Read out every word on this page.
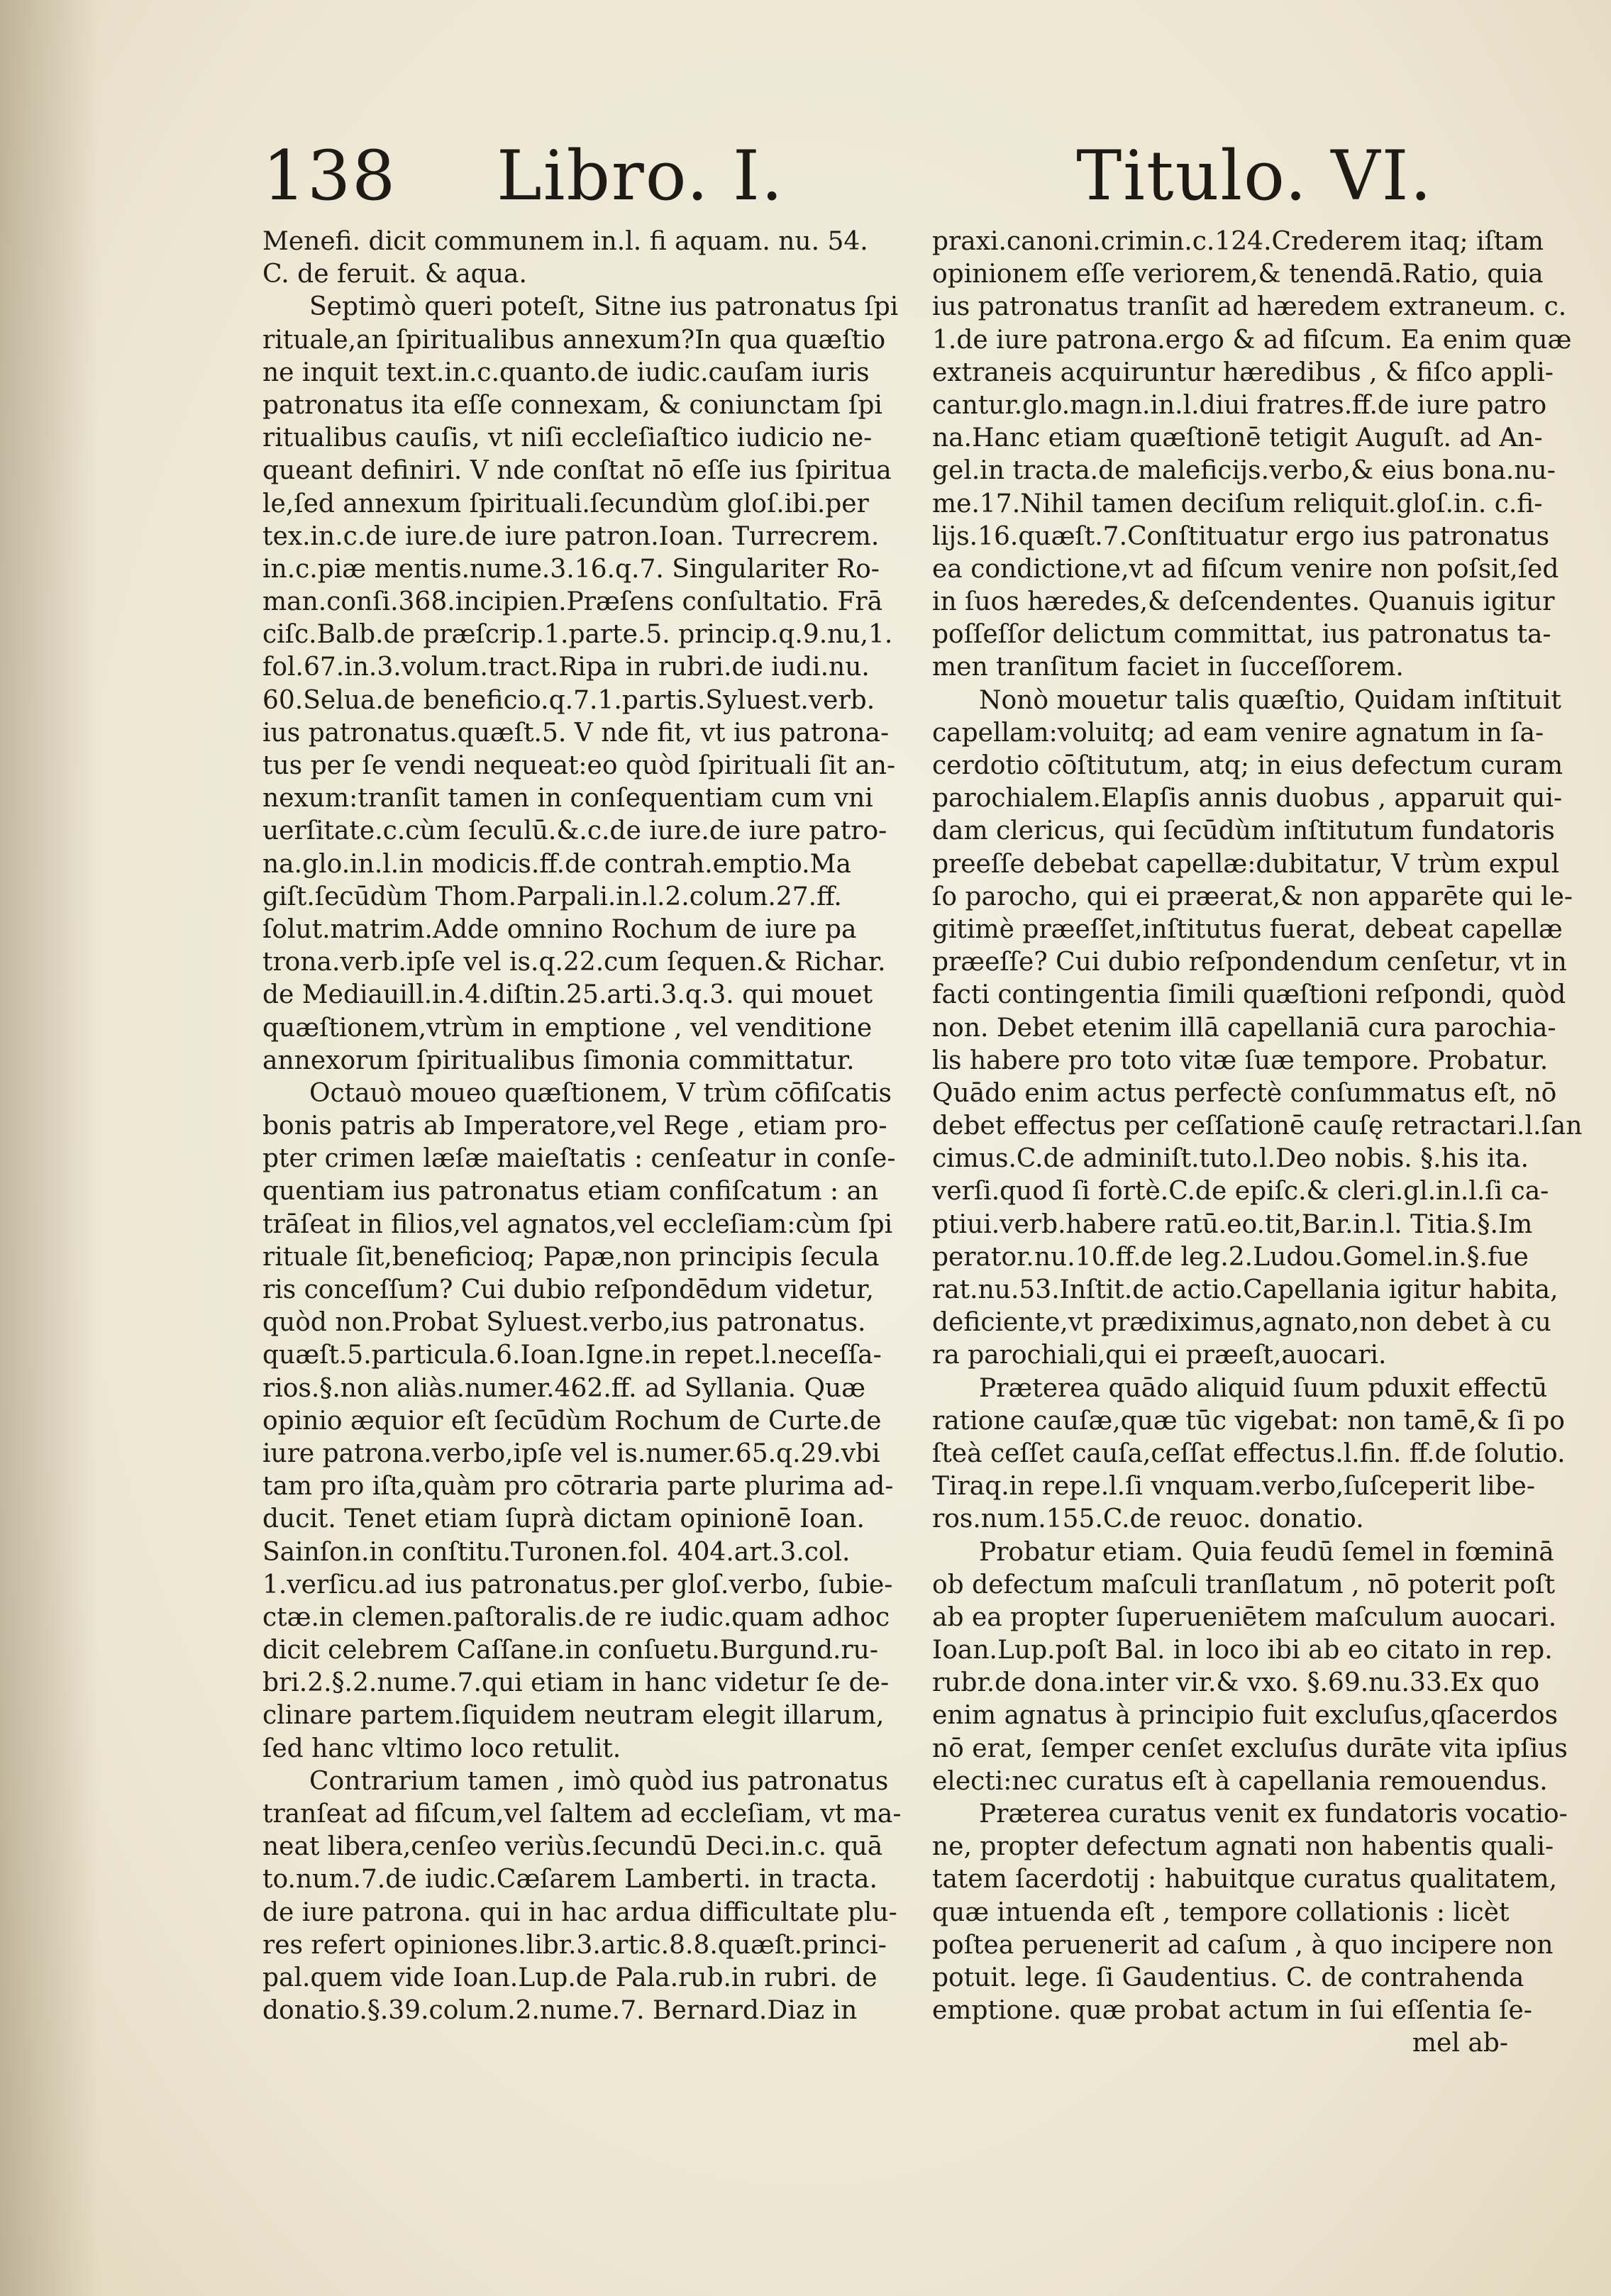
138 Libro. I.	Titulo. VI.
Menefi. dicit communem in.l. fi aquam. nu. 54.
C. de feruit. & aqua.
Septimò queri poteſt, Sitne ius patronatus ſpi
rituale,an ſpiritualibus annexum?In qua quæſtio
ne inquit text.in.c.quanto.de iudic.cauſam iuris
patronatus ita eſſe connexam, & coniunctam ſpi
ritualibus cauſis, vt niſi eccleſiaſtico iudicio ne-
queant definiri. V nde conſtat nō eſſe ius ſpiritua
le,ſed annexum ſpirituali.ſecundùm gloſ.ibi.per
tex.in.c.de iure.de iure patron.Ioan. Turrecrem.
in.c.piæ mentis.nume.3.16.q.7. Singulariter Ro-
man.conſi.368.incipien.Præſens conſultatio. Frā
ciſc.Balb.de præſcrip.1.parte.5. princip.q.9.nu,1.
fol.67.in.3.volum.tract.Ripa in rubri.de iudi.nu.
60.Selua.de beneficio.q.7.1.partis.Syluest.verb.
ius patronatus.quæſt.5. V nde fit, vt ius patrona-
tus per ſe vendi nequeat:eo quòd ſpirituali ſit an-
nexum:tranſit tamen in conſequentiam cum vni
uerſitate.c.cùm ſeculū.&.c.de iure.de iure patro-
na.glo.in.l.in modicis.ff.de contrah.emptio.Ma
giſt.ſecūdùm Thom.Parpali.in.l.2.colum.27.ff.
ſolut.matrim.Adde omnino Rochum de iure pa
trona.verb.ipſe vel is.q.22.cum ſequen.& Richar.
de Mediauill.in.4.diſtin.25.arti.3.q.3. qui mouet
quæſtionem,vtrùm in emptione , vel venditione
annexorum ſpiritualibus ſimonia committatur.
Octauò moueo quæſtionem, V trùm cōfiſcatis
bonis patris ab Imperatore,vel Rege , etiam pro-
pter crimen læſæ maieſtatis : cenſeatur in conſe-
quentiam ius patronatus etiam confiſcatum : an
trāſeat in filios,vel agnatos,vel eccleſiam:cùm ſpi
rituale ſit,beneficioq; Papæ,non principis ſecula
ris conceſſum? Cui dubio reſpondēdum videtur,
quòd non.Probat Syluest.verbo,ius patronatus.
quæſt.5.particula.6.Ioan.Igne.in repet.l.neceſſa-
rios.§.non aliàs.numer.462.ff. ad Syllania. Quæ
opinio æquior eſt ſecūdùm Rochum de Curte.de
iure patrona.verbo,ipſe vel is.numer.65.q.29.vbi
tam pro iſta,quàm pro cōtraria parte plurima ad-
ducit. Tenet etiam ſuprà dictam opinionē Ioan.
Sainſon.in conſtitu.Turonen.fol. 404.art.3.col.
1.verſicu.ad ius patronatus.per gloſ.verbo, ſubie-
ctæ.in clemen.paſtoralis.de re iudic.quam adhoc
dicit celebrem Caſſane.in conſuetu.Burgund.ru-
bri.2.§.2.nume.7.qui etiam in hanc videtur ſe de-
clinare partem.ſiquidem neutram elegit illarum,
ſed hanc vltimo loco retulit.
Contrarium tamen , imò quòd ius patronatus
tranſeat ad fiſcum,vel ſaltem ad eccleſiam, vt ma-
neat libera,cenſeo veriùs.ſecundū Deci.in.c. quā
to.num.7.de iudic.Cæſarem Lamberti. in tracta.
de iure patrona. qui in hac ardua difficultate plu-
res refert opiniones.libr.3.artic.8.8.quæſt.princi-
pal.quem vide Ioan.Lup.de Pala.rub.in rubri. de
donatio.§.39.colum.2.nume.7. Bernard.Diaz in
praxi.canoni.crimin.c.124.Crederem itaq; iſtam
opinionem eſſe veriorem,& tenendā.Ratio, quia
ius patronatus tranſit ad hæredem extraneum. c.
1.de iure patrona.ergo & ad fiſcum. Ea enim quæ
extraneis acquiruntur hæredibus , & fiſco appli-
cantur.glo.magn.in.l.diui fratres.ff.de iure patro
na.Hanc etiam quæſtionē tetigit Auguſt. ad An-
gel.in tracta.de maleficijs.verbo,& eius bona.nu-
me.17.Nihil tamen deciſum reliquit.gloſ.in. c.fi-
lijs.16.quæſt.7.Conſtituatur ergo ius patronatus
ea condictione,vt ad fiſcum venire non poſsit,ſed
in ſuos hæredes,& deſcendentes. Quanuis igitur
poſſeſſor delictum committat, ius patronatus ta-
men tranſitum faciet in ſucceſſorem.
Nonò mouetur talis quæſtio, Quidam inſtituit
capellam:voluitq; ad eam venire agnatum in ſa-
cerdotio cōſtitutum, atq; in eius defectum curam
parochialem.Elapſis annis duobus , apparuit qui-
dam clericus, qui ſecūdùm inſtitutum fundatoris
preeſſe debebat capellæ:dubitatur, V trùm expul
ſo parocho, qui ei præerat,& non apparēte qui le-
gitimè præeſſet,inſtitutus fuerat, debeat capellæ
præeſſe? Cui dubio reſpondendum cenſetur, vt in
facti contingentia ſimili quæſtioni reſpondi, quòd
non. Debet etenim illā capellaniā cura parochia-
lis habere pro toto vitæ ſuæ tempore. Probatur.
Quādo enim actus perfectè conſummatus eſt, nō
debet effectus per ceſſationē cauſę retractari.l.ſan
cimus.C.de adminiſt.tuto.l.Deo nobis. §.his ita.
verſi.quod ſi fortè.C.de epiſc.& cleri.gl.in.l.ſi ca-
ptiui.verb.habere ratū.eo.tit,Bar.in.l. Titia.§.Im
perator.nu.10.ff.de leg.2.Ludou.Gomel.in.§.fue
rat.nu.53.Inſtit.de actio.Capellania igitur habita,
deficiente,vt prædiximus,agnato,non debet à cu
ra parochiali,qui ei præeſt,auocari.
Præterea quādo aliquid ſuum pduxit effectū
ratione cauſæ,quæ tūc vigebat: non tamē,& ſi po
ſteà ceſſet cauſa,ceſſat effectus.l.fin. ff.de ſolutio.
Tiraq.in repe.l.ſi vnquam.verbo,ſuſceperit libe-
ros.num.155.C.de reuoc. donatio.
Probatur etiam. Quia feudū ſemel in fœminā
ob defectum maſculi tranſlatum , nō poterit poſt
ab ea propter ſuperueniētem maſculum auocari.
Ioan.Lup.poſt Bal. in loco ibi ab eo citato in rep.
rubr.de dona.inter vir.& vxo. §.69.nu.33.Ex quo
enim agnatus à principio fuit excluſus,qſacerdos
nō erat, ſemper cenſet excluſus durāte vita ipſius
electi:nec curatus eſt à capellania remouendus.
Præterea curatus venit ex fundatoris vocatio-
ne, propter defectum agnati non habentis quali-
tatem ſacerdotij : habuitque curatus qualitatem,
quæ intuenda eſt , tempore collationis : licèt
poſtea peruenerit ad caſum , à quo incipere non
potuit. lege. ſi Gaudentius. C. de contrahenda
emptione. quæ probat actum in ſui eſſentia ſe-
mel ab-
